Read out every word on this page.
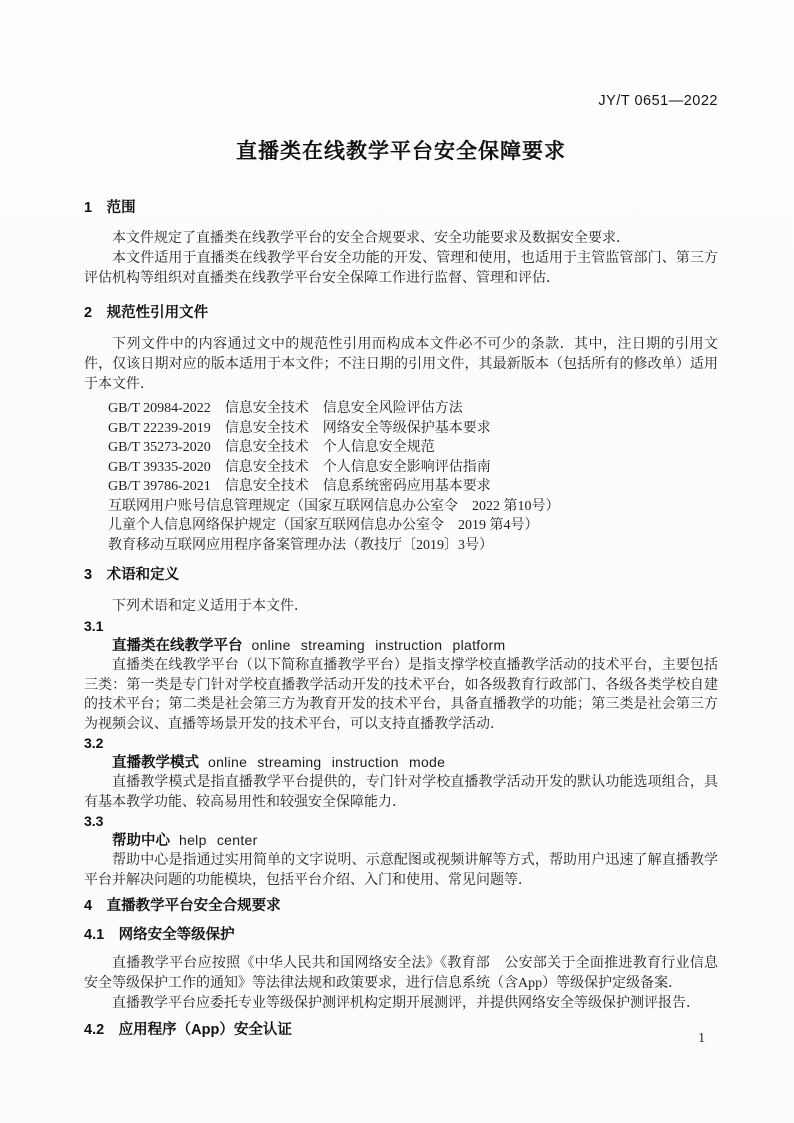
JY/T 0651—2022
直播类在线教学平台安全保障要求
1　范围

本文件规定了直播类在线教学平台的安全合规要求、安全功能要求及数据安全要求．

本文件适用于直播类在线教学平台安全功能的开发、管理和使用，也适用于主管监管部门、第三方评估机构等组织对直播类在线教学平台安全保障工作进行监督、管理和评估．

2　规范性引用文件

下列文件中的内容通过文中的规范性引用而构成本文件必不可少的条款．其中，注日期的引用文件，仅该日期对应的版本适用于本文件；不注日期的引用文件，其最新版本（包括所有的修改单）适用于本文件．

GB/T 20984-2022　信息安全技术　信息安全风险评估方法

GB/T 22239-2019　信息安全技术　网络安全等级保护基本要求

GB/T 35273-2020　信息安全技术　个人信息安全规范

GB/T 39335-2020　信息安全技术　个人信息安全影响评估指南

GB/T 39786-2021　信息安全技术　信息系统密码应用基本要求

互联网用户账号信息管理规定（国家互联网信息办公室令　2022 第10号）

儿童个人信息网络保护规定（国家互联网信息办公室令　2019 第4号）

教育移动互联网应用程序备案管理办法（教技厅〔2019〕3号）

3　术语和定义

下列术语和定义适用于本文件．

3.1

直播类在线教学平台 online streaming instruction platform

直播类在线教学平台（以下简称直播教学平台）是指支撑学校直播教学活动的技术平台，主要包括三类：第一类是专门针对学校直播教学活动开发的技术平台，如各级教育行政部门、各级各类学校自建的技术平台；第二类是社会第三方为教育开发的技术平台，具备直播教学的功能；第三类是社会第三方为视频会议、直播等场景开发的技术平台，可以支持直播教学活动．

3.2

直播教学模式 online streaming instruction mode

直播教学模式是指直播教学平台提供的，专门针对学校直播教学活动开发的默认功能选项组合，具有基本教学功能、较高易用性和较强安全保障能力．

3.3

帮助中心 help center

帮助中心是指通过实用简单的文字说明、示意配图或视频讲解等方式，帮助用户迅速了解直播教学平台并解决问题的功能模块，包括平台介绍、入门和使用、常见问题等．

4　直播教学平台安全合规要求
4.1　网络安全等级保护

直播教学平台应按照《中华人民共和国网络安全法》《教育部　公安部关于全面推进教育行业信息安全等级保护工作的通知》等法律法规和政策要求，进行信息系统（含App）等级保护定级备案．

直播教学平台应委托专业等级保护测评机构定期开展测评，并提供网络安全等级保护测评报告．

4.2　应用程序（App）安全认证	1
